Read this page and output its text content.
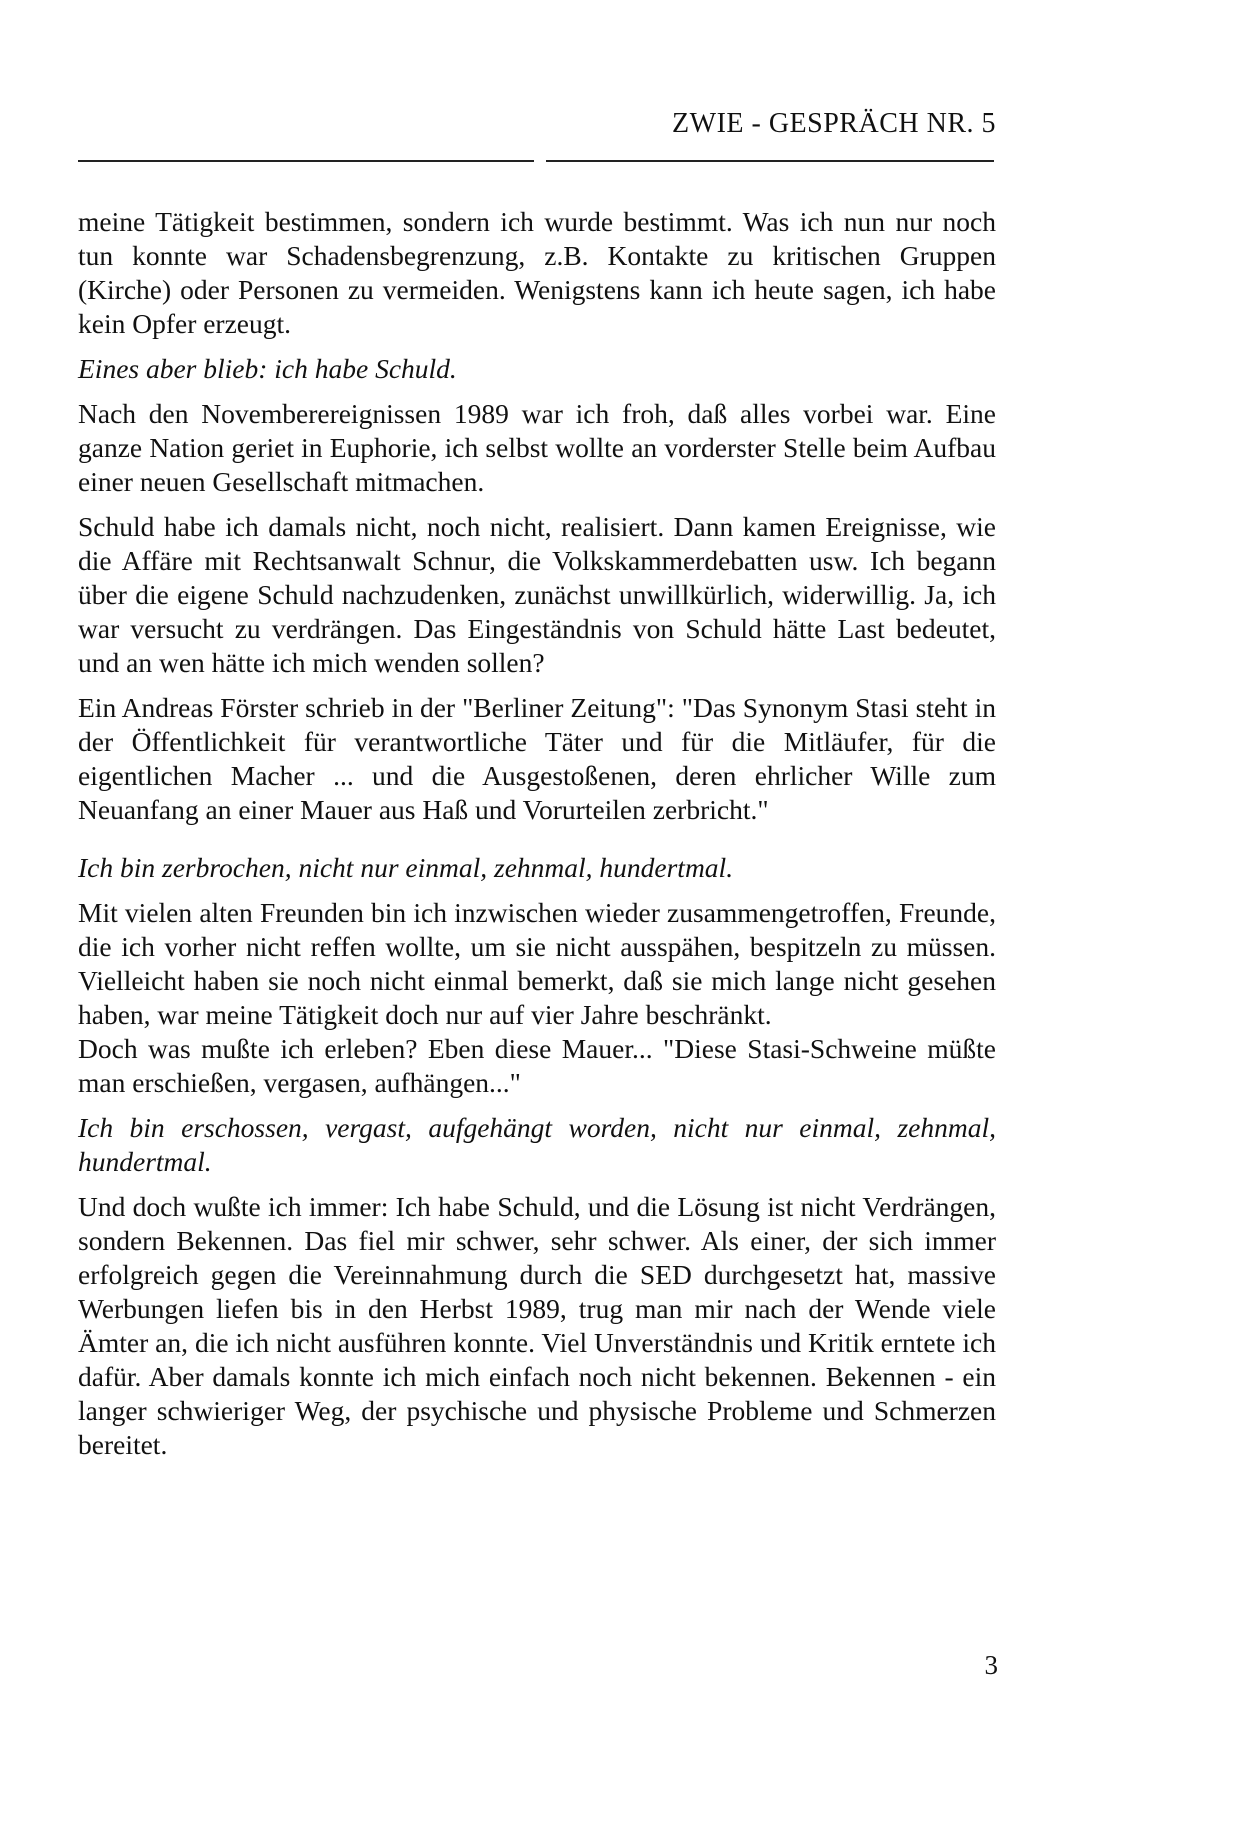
ZWIE - GESPRÄCH NR. 5

meine Tätigkeit bestimmen, sondern ich wurde bestimmt. Was ich nun nur noch tun konnte war Schadensbegrenzung, z.B. Kontakte zu kritischen Gruppen (Kirche) oder Personen zu vermeiden. Wenigstens kann ich heute sagen, ich habe kein Opfer erzeugt.

Eines aber blieb: ich habe Schuld.

Nach den Novemberereignissen 1989 war ich froh, daß alles vorbei war. Eine ganze Nation geriet in Euphorie, ich selbst wollte an vorderster Stelle beim Aufbau einer neuen Gesellschaft mitmachen.

Schuld habe ich damals nicht, noch nicht, realisiert. Dann kamen Ereignisse, wie die Affäre mit Rechtsanwalt Schnur, die Volkskammerdebatten usw. Ich begann über die eigene Schuld nachzudenken, zunächst unwillkürlich, widerwillig. Ja, ich war versucht zu verdrängen. Das Eingeständnis von Schuld hätte Last bedeutet, und an wen hätte ich mich wenden sollen?

Ein Andreas Förster schrieb in der "Berliner Zeitung": "Das Synonym Stasi steht in der Öffentlichkeit für verantwortliche Täter und für die Mitläufer, für die eigentlichen Macher ... und die Ausgestoßenen, deren ehrlicher Wille zum Neuanfang an einer Mauer aus Haß und Vorurteilen zerbricht."

Ich bin zerbrochen, nicht nur einmal, zehnmal, hundertmal.

Mit vielen alten Freunden bin ich inzwischen wieder zusammengetroffen, Freunde, die ich vorher nicht reffen wollte, um sie nicht ausspähen, bespitzeln zu müssen. Vielleicht haben sie noch nicht einmal bemerkt, daß sie mich lange nicht gesehen haben, war meine Tätigkeit doch nur auf vier Jahre beschränkt.

Doch was mußte ich erleben? Eben diese Mauer... "Diese Stasi-Schweine müßte man erschießen, vergasen, aufhängen..."

Ich bin erschossen, vergast, aufgehängt worden, nicht nur einmal, zehnmal, hundertmal.

Und doch wußte ich immer: Ich habe Schuld, und die Lösung ist nicht Verdrängen, sondern Bekennen. Das fiel mir schwer, sehr schwer. Als einer, der sich immer erfolgreich gegen die Vereinnahmung durch die SED durchgesetzt hat, massive Werbungen liefen bis in den Herbst 1989, trug man mir nach der Wende viele Ämter an, die ich nicht ausführen konnte. Viel Unverständnis und Kritik erntete ich dafür. Aber damals konnte ich mich einfach noch nicht bekennen. Bekennen - ein langer schwieriger Weg, der psychische und physische Probleme und Schmerzen bereitet.

3
